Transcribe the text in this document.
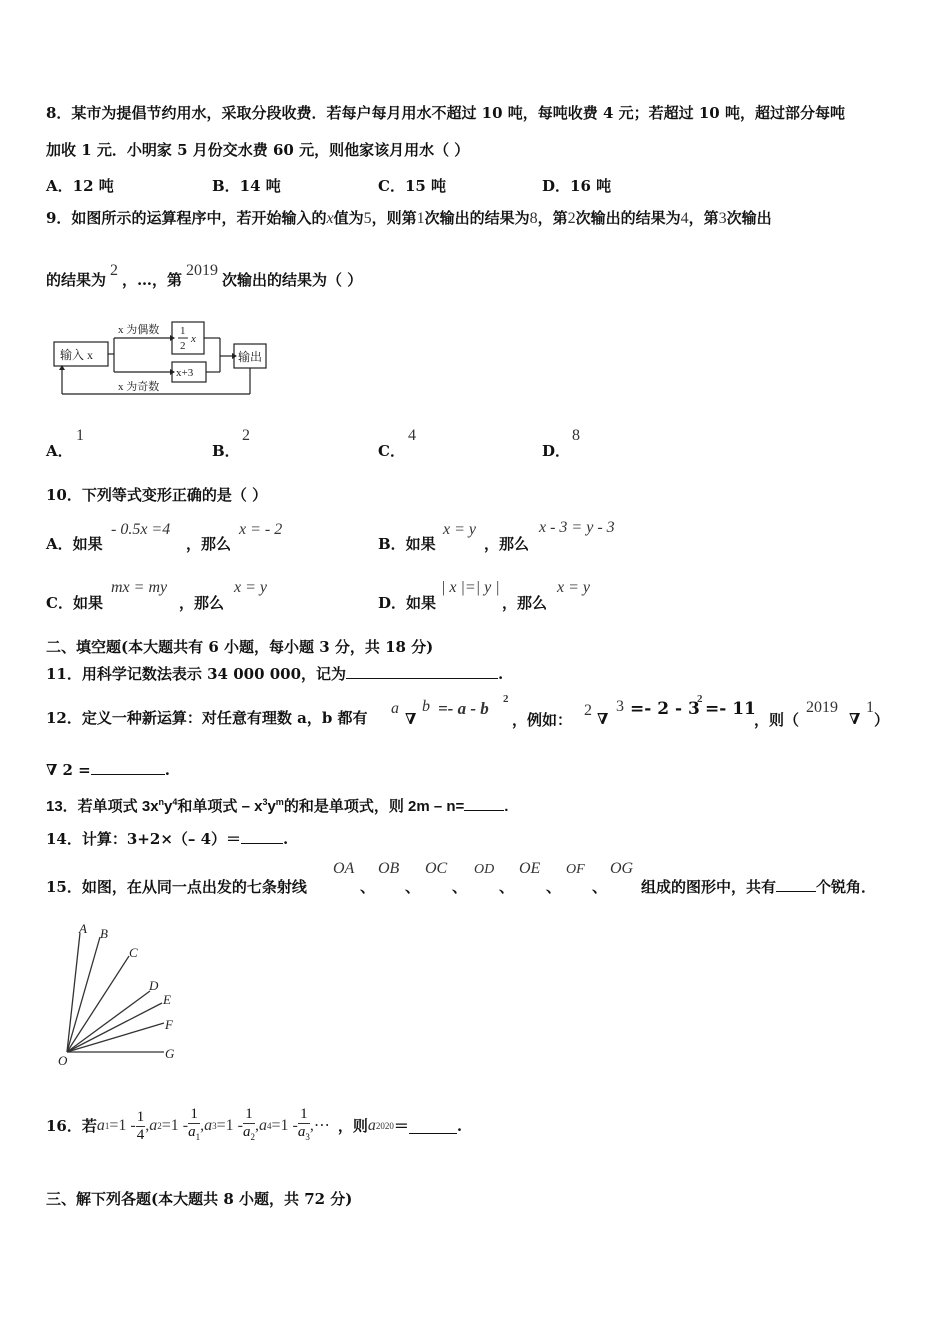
8．某市为提倡节约用水，采取分段收费．若每户每月用水不超过 10 吨，每吨收费 4 元；若超过 10 吨，超过部分每吨
加收 1 元．小明家 5 月份交水费 60 元，则他家该月用水（ ）
A．12 吨	B．14 吨	C．15 吨	D．16 吨
9．如图所示的运算程序中，若开始输入的x值为5，则第1次输出的结果为8，第2次输出的结果为4，第3次输出
的结果为2，…，第2019次输出的结果为（ ）
输入 x
x 为偶数
x 为奇数
1
2
x
x+3
输出
A．
1
B．
2
C．
4
D．
8
10．下列等式变形正确的是（ ）
A．如果
- 0.5x =4
，那么
x = - 2
B．如果
x = y
，那么
x - 3 = y - 3
C．如果
mx = my
，那么
x = y
D．如果
| x |=| y |
，那么
x = y
二、填空题(本大题共有 6 小题，每小题 3 分，共 18 分)
11．用科学记数法表示 34 000 000，记为	.
12．定义一种新运算：对任意有理数 a，b 都有
a
∇
b =- a - b 2
，例如：
2 ∇
3 =- 2 - 3
2 =- 11
，则（
2019
∇
1
）
∇ 2 =	.
13．若单项式 $3x^ny^4$和单项式 – $x^3y^m$的和是单项式，则 2m – n=	.
14．计算：3+2×（– 4）＝	.
15．如图，在从同一点出发的七条射线
OA
、
OB
、
OC
、
OD
、
OE
、
OF
、
OG
组成的图形中，共有	个锐角．
A B
C
D
E
F
G
O
16．若 a $1 =1 - \frac{1}{4}$ , a $2 =1 - \frac{1}{a_1}$ , a $3 =1 - \frac{1}{a_2}$ , a $4 =1 - \frac{1}{a_3}$ ,⋯ ，则 a 2020 ＝	.
三、解下列各题(本大题共 8 小题，共 72 分)
